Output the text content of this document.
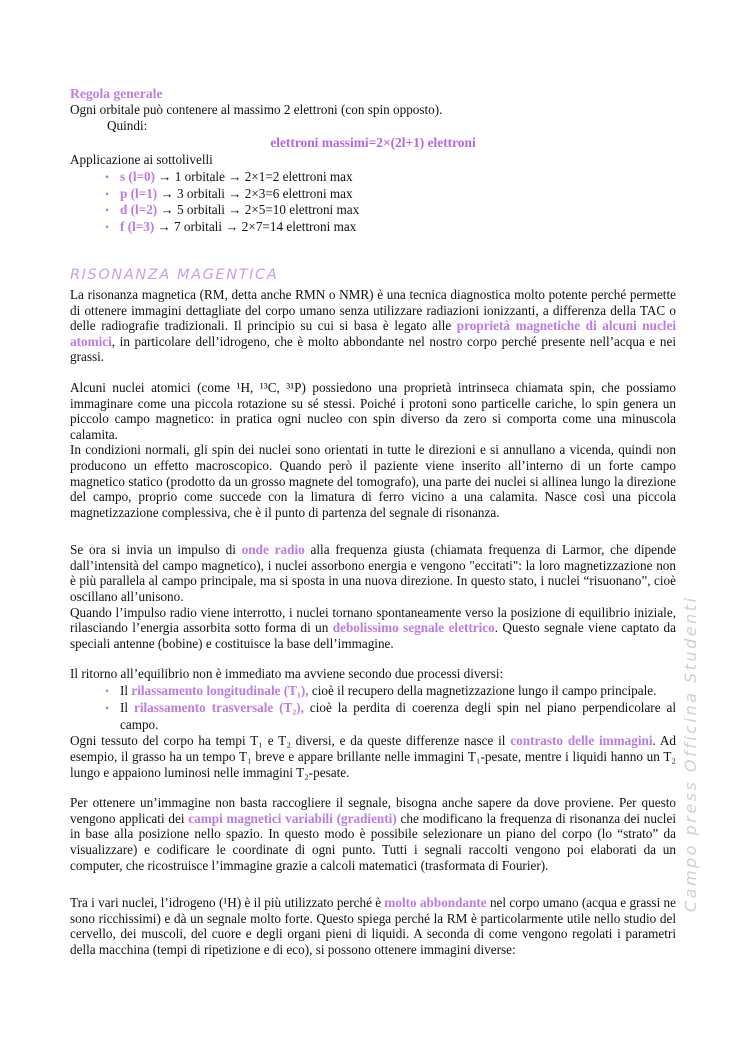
Regola generale

Ogni orbitale può contenere al massimo 2 elettroni (con spin opposto).

Quindi:

elettroni massimi=2×(2l+1) elettroni

Applicazione ai sottolivelli

• s (l=0) → 1 orbitale → 2×1=2 elettroni max
• p (l=1) → 3 orbitali → 2×3=6 elettroni max
• d (l=2) → 5 orbitali → 2×5=10 elettroni max
• f (l=3) → 7 orbitali → 2×7=14 elettroni max
RISONANZA MAGENTICA

La risonanza magnetica (RM, detta anche RMN o NMR) è una tecnica diagnostica molto potente perché permette di ottenere immagini dettagliate del corpo umano senza utilizzare radiazioni ionizzanti, a differenza della TAC o delle radiografie tradizionali. Il principio su cui si basa è legato alle proprietà magnetiche di alcuni nuclei atomici, in particolare dell’idrogeno, che è molto abbondante nel nostro corpo perché presente nell’acqua e nei grassi.

Alcuni nuclei atomici (come ¹H, ¹³C, ³¹P) possiedono una proprietà intrinseca chiamata spin, che possiamo immaginare come una piccola rotazione su sé stessi. Poiché i protoni sono particelle cariche, lo spin genera un piccolo campo magnetico: in pratica ogni nucleo con spin diverso da zero si comporta come una minuscola calamita.

In condizioni normali, gli spin dei nuclei sono orientati in tutte le direzioni e si annullano a vicenda, quindi non producono un effetto macroscopico. Quando però il paziente viene inserito all’interno di un forte campo magnetico statico (prodotto da un grosso magnete del tomografo), una parte dei nuclei si allinea lungo la direzione del campo, proprio come succede con la limatura di ferro vicino a una calamita. Nasce così una piccola magnetizzazione complessiva, che è il punto di partenza del segnale di risonanza.

Se ora si invia un impulso di onde radio alla frequenza giusta (chiamata frequenza di Larmor, che dipende dall’intensità del campo magnetico), i nuclei assorbono energia e vengono "eccitati": la loro magnetizzazione non è più parallela al campo principale, ma si sposta in una nuova direzione. In questo stato, i nuclei “risuonano”, cioè oscillano all’unisono.

Quando l’impulso radio viene interrotto, i nuclei tornano spontaneamente verso la posizione di equilibrio iniziale, rilasciando l’energia assorbita sotto forma di un debolissimo segnale elettrico. Questo segnale viene captato da speciali antenne (bobine) e costituisce la base dell’immagine.

Il ritorno all’equilibrio non è immediato ma avviene secondo due processi diversi:

• Il rilassamento longitudinale (T₁), cioè il recupero della magnetizzazione lungo il campo principale.
• Il rilassamento trasversale (T₂), cioè la perdita di coerenza degli spin nel piano perpendicolare al campo.

Ogni tessuto del corpo ha tempi T₁ e T₂ diversi, e da queste differenze nasce il contrasto delle immagini. Ad esempio, il grasso ha un tempo T₁ breve e appare brillante nelle immagini T₁-pesate, mentre i liquidi hanno un T₂ lungo e appaiono luminosi nelle immagini T₂-pesate.

Per ottenere un’immagine non basta raccogliere il segnale, bisogna anche sapere da dove proviene. Per questo vengono applicati dei campi magnetici variabili (gradienti) che modificano la frequenza di risonanza dei nuclei in base alla posizione nello spazio. In questo modo è possibile selezionare un piano del corpo (lo “strato” da visualizzare) e codificare le coordinate di ogni punto. Tutti i segnali raccolti vengono poi elaborati da un computer, che ricostruisce l’immagine grazie a calcoli matematici (trasformata di Fourier).

Tra i vari nuclei, l’idrogeno (¹H) è il più utilizzato perché è molto abbondante nel corpo umano (acqua e grassi ne sono ricchissimi) e dà un segnale molto forte. Questo spiega perché la RM è particolarmente utile nello studio del cervello, dei muscoli, del cuore e degli organi pieni di liquidi. A seconda di come vengono regolati i parametri della macchina (tempi di ripetizione e di eco), si possono ottenere immagini diverse:

Campo press Officina Studenti
